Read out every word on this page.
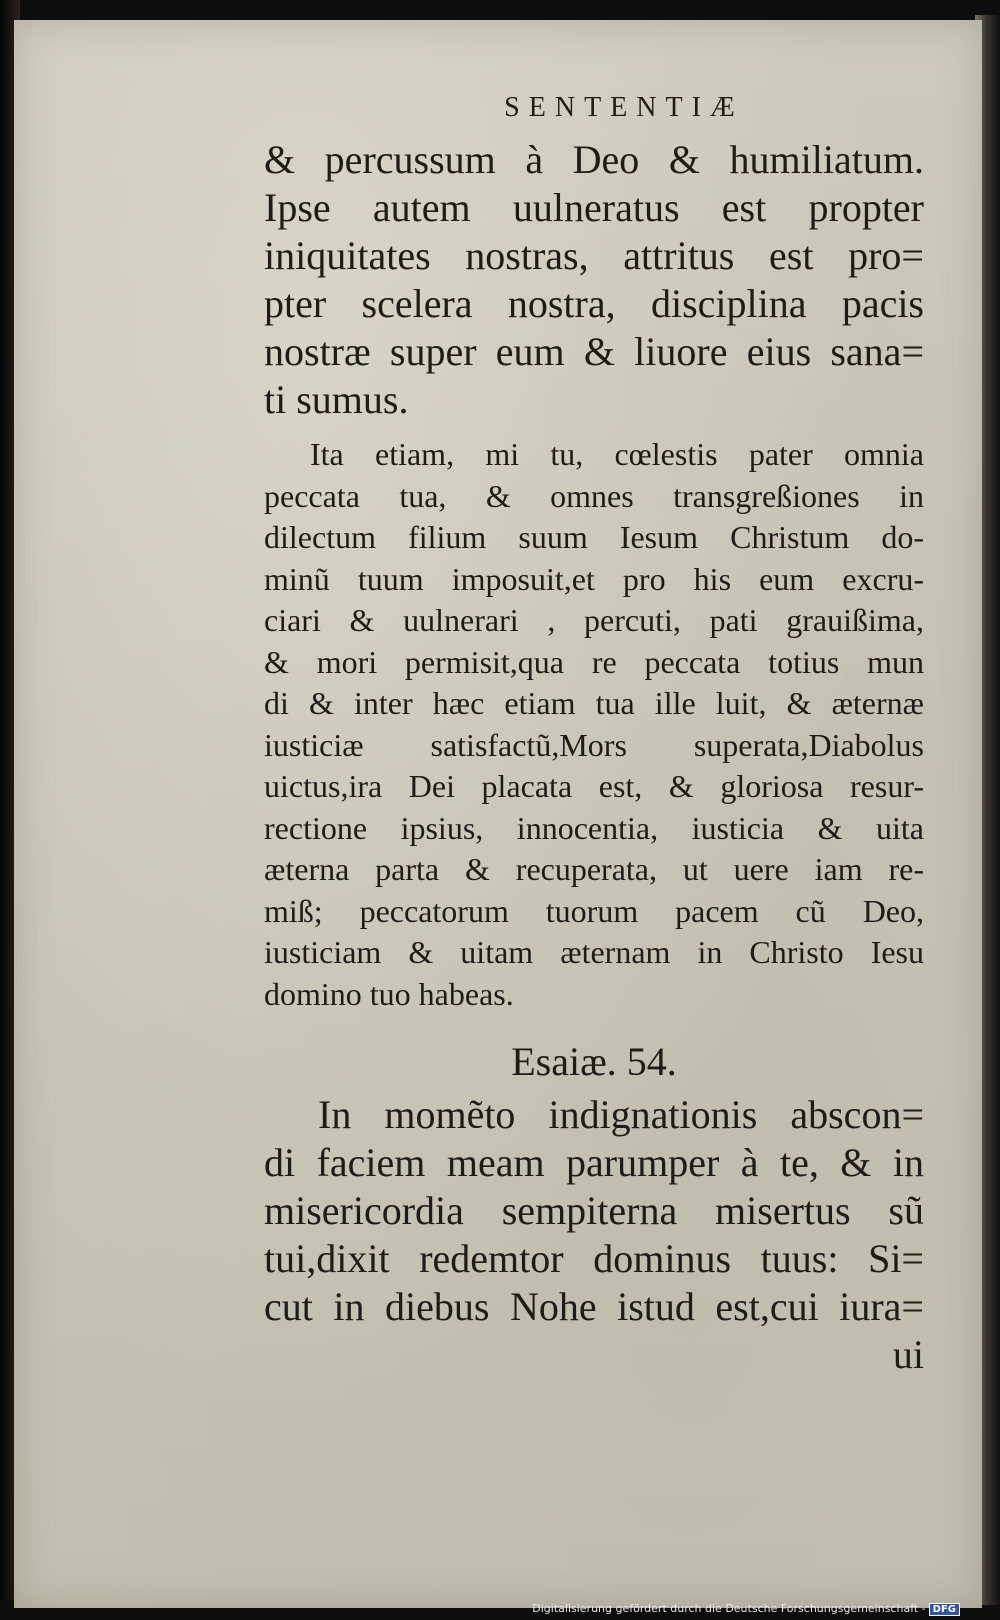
SENTENTIÆ
& percussum à Deo & humiliatum.
Ipse autem uulneratus est propter
iniquitates nostras, attritus est pro=
pter scelera nostra, disciplina pacis
nostræ super eum & liuore eius sana=
ti sumus.
Ita etiam, mi tu, cœlestis pater omnia
peccata tua, & omnes transgreßiones in
dilectum filium suum Iesum Christum do-
minũ tuum imposuit,et pro his eum excru-
ciari & uulnerari , percuti, pati grauißima,
& mori permisit,qua re peccata totius mun
di & inter hæc etiam tua ille luit, & æternæ
iusticiæ satisfactũ,Mors superata,Diabolus
uictus,ira Dei placata est, & gloriosa resur-
rectione ipsius, innocentia, iusticia & uita
æterna parta & recuperata, ut uere iam re-
miß; peccatorum tuorum pacem cũ Deo,
iusticiam & uitam æternam in Christo Iesu
domino tuo habeas.
Esaiæ. 54.
In momẽto indignationis abscon=
di faciem meam parumper à te, & in
misericordia sempiterna misertus sũ
tui,dixit redemtor dominus tuus: Si=
cut in diebus Nohe istud est,cui iura=
ui
Digitalisierung gefördert durch die Deutsche Forschungsgemeinschaft - DFG
